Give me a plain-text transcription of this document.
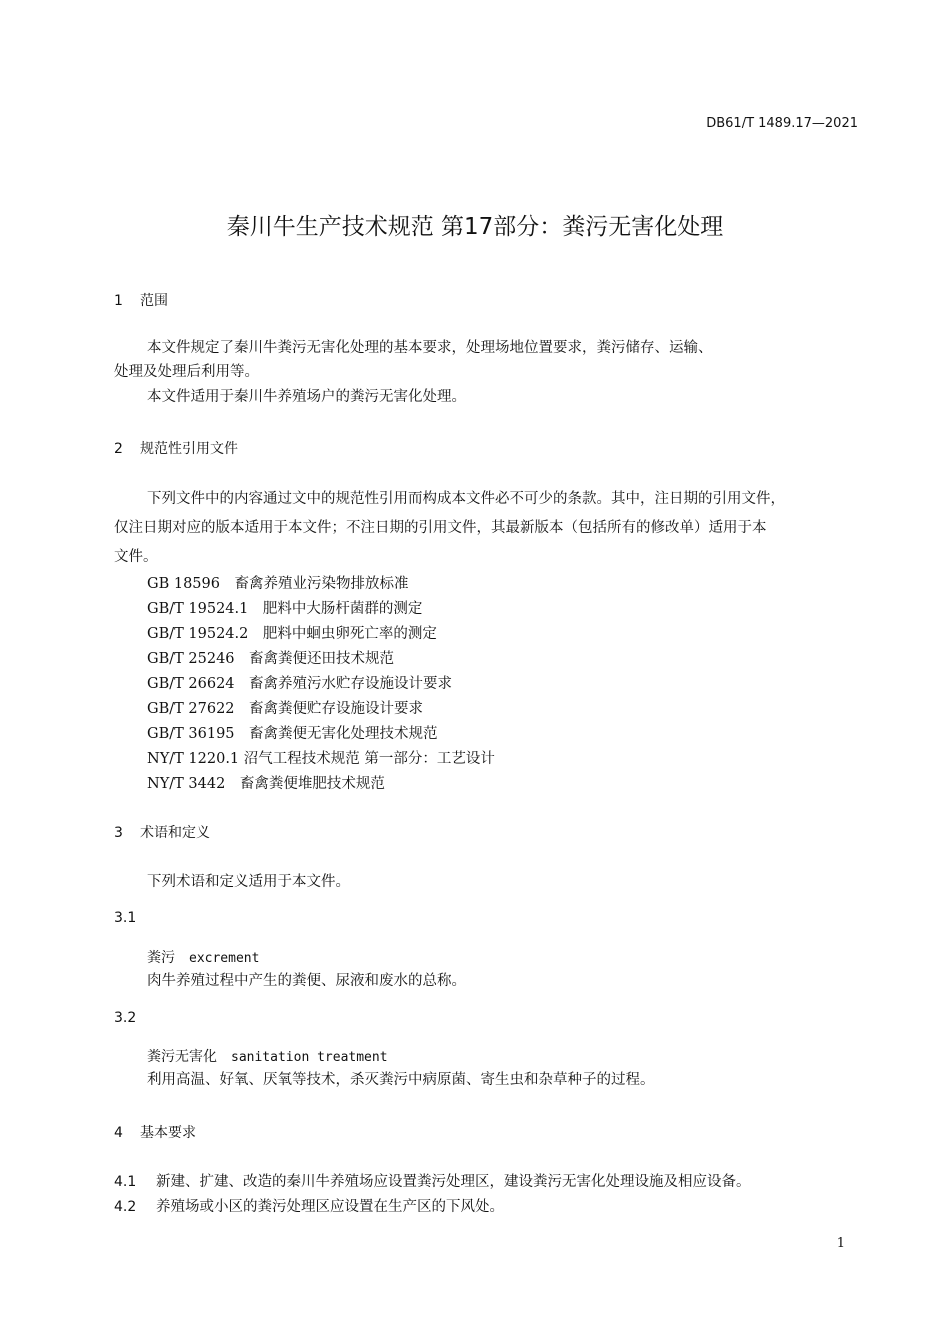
DB61/T 1489.17—2021
秦川牛生产技术规范 第17部分：粪污无害化处理
1 范围
本文件规定了秦川牛粪污无害化处理的基本要求，处理场地位置要求，粪污储存、运输、
处理及处理后利用等。
本文件适用于秦川牛养殖场户的粪污无害化处理。
2 规范性引用文件
下列文件中的内容通过文中的规范性引用而构成本文件必不可少的条款。其中，注日期的引用文件，
仅注日期对应的版本适用于本文件；不注日期的引用文件，其最新版本（包括所有的修改单）适用于本
文件。
GB 18596　畜禽养殖业污染物排放标准
GB/T 19524.1　肥料中大肠杆菌群的测定
GB/T 19524.2　肥料中蛔虫卵死亡率的测定
GB/T 25246　畜禽粪便还田技术规范
GB/T 26624　畜禽养殖污水贮存设施设计要求
GB/T 27622　畜禽粪便贮存设施设计要求
GB/T 36195　畜禽粪便无害化处理技术规范
NY/T 1220.1 沼气工程技术规范 第一部分：工艺设计
NY/T 3442　畜禽粪便堆肥技术规范
3 术语和定义
下列术语和定义适用于本文件。
3.1
粪污 excrement
肉牛养殖过程中产生的粪便、尿液和废水的总称。
3.2
粪污无害化 sanitation treatment
利用高温、好氧、厌氧等技术，杀灭粪污中病原菌、寄生虫和杂草种子的过程。
4 基本要求
4.1 新建、扩建、改造的秦川牛养殖场应设置粪污处理区，建设粪污无害化处理设施及相应设备。
4.2 养殖场或小区的粪污处理区应设置在生产区的下风处。
1
